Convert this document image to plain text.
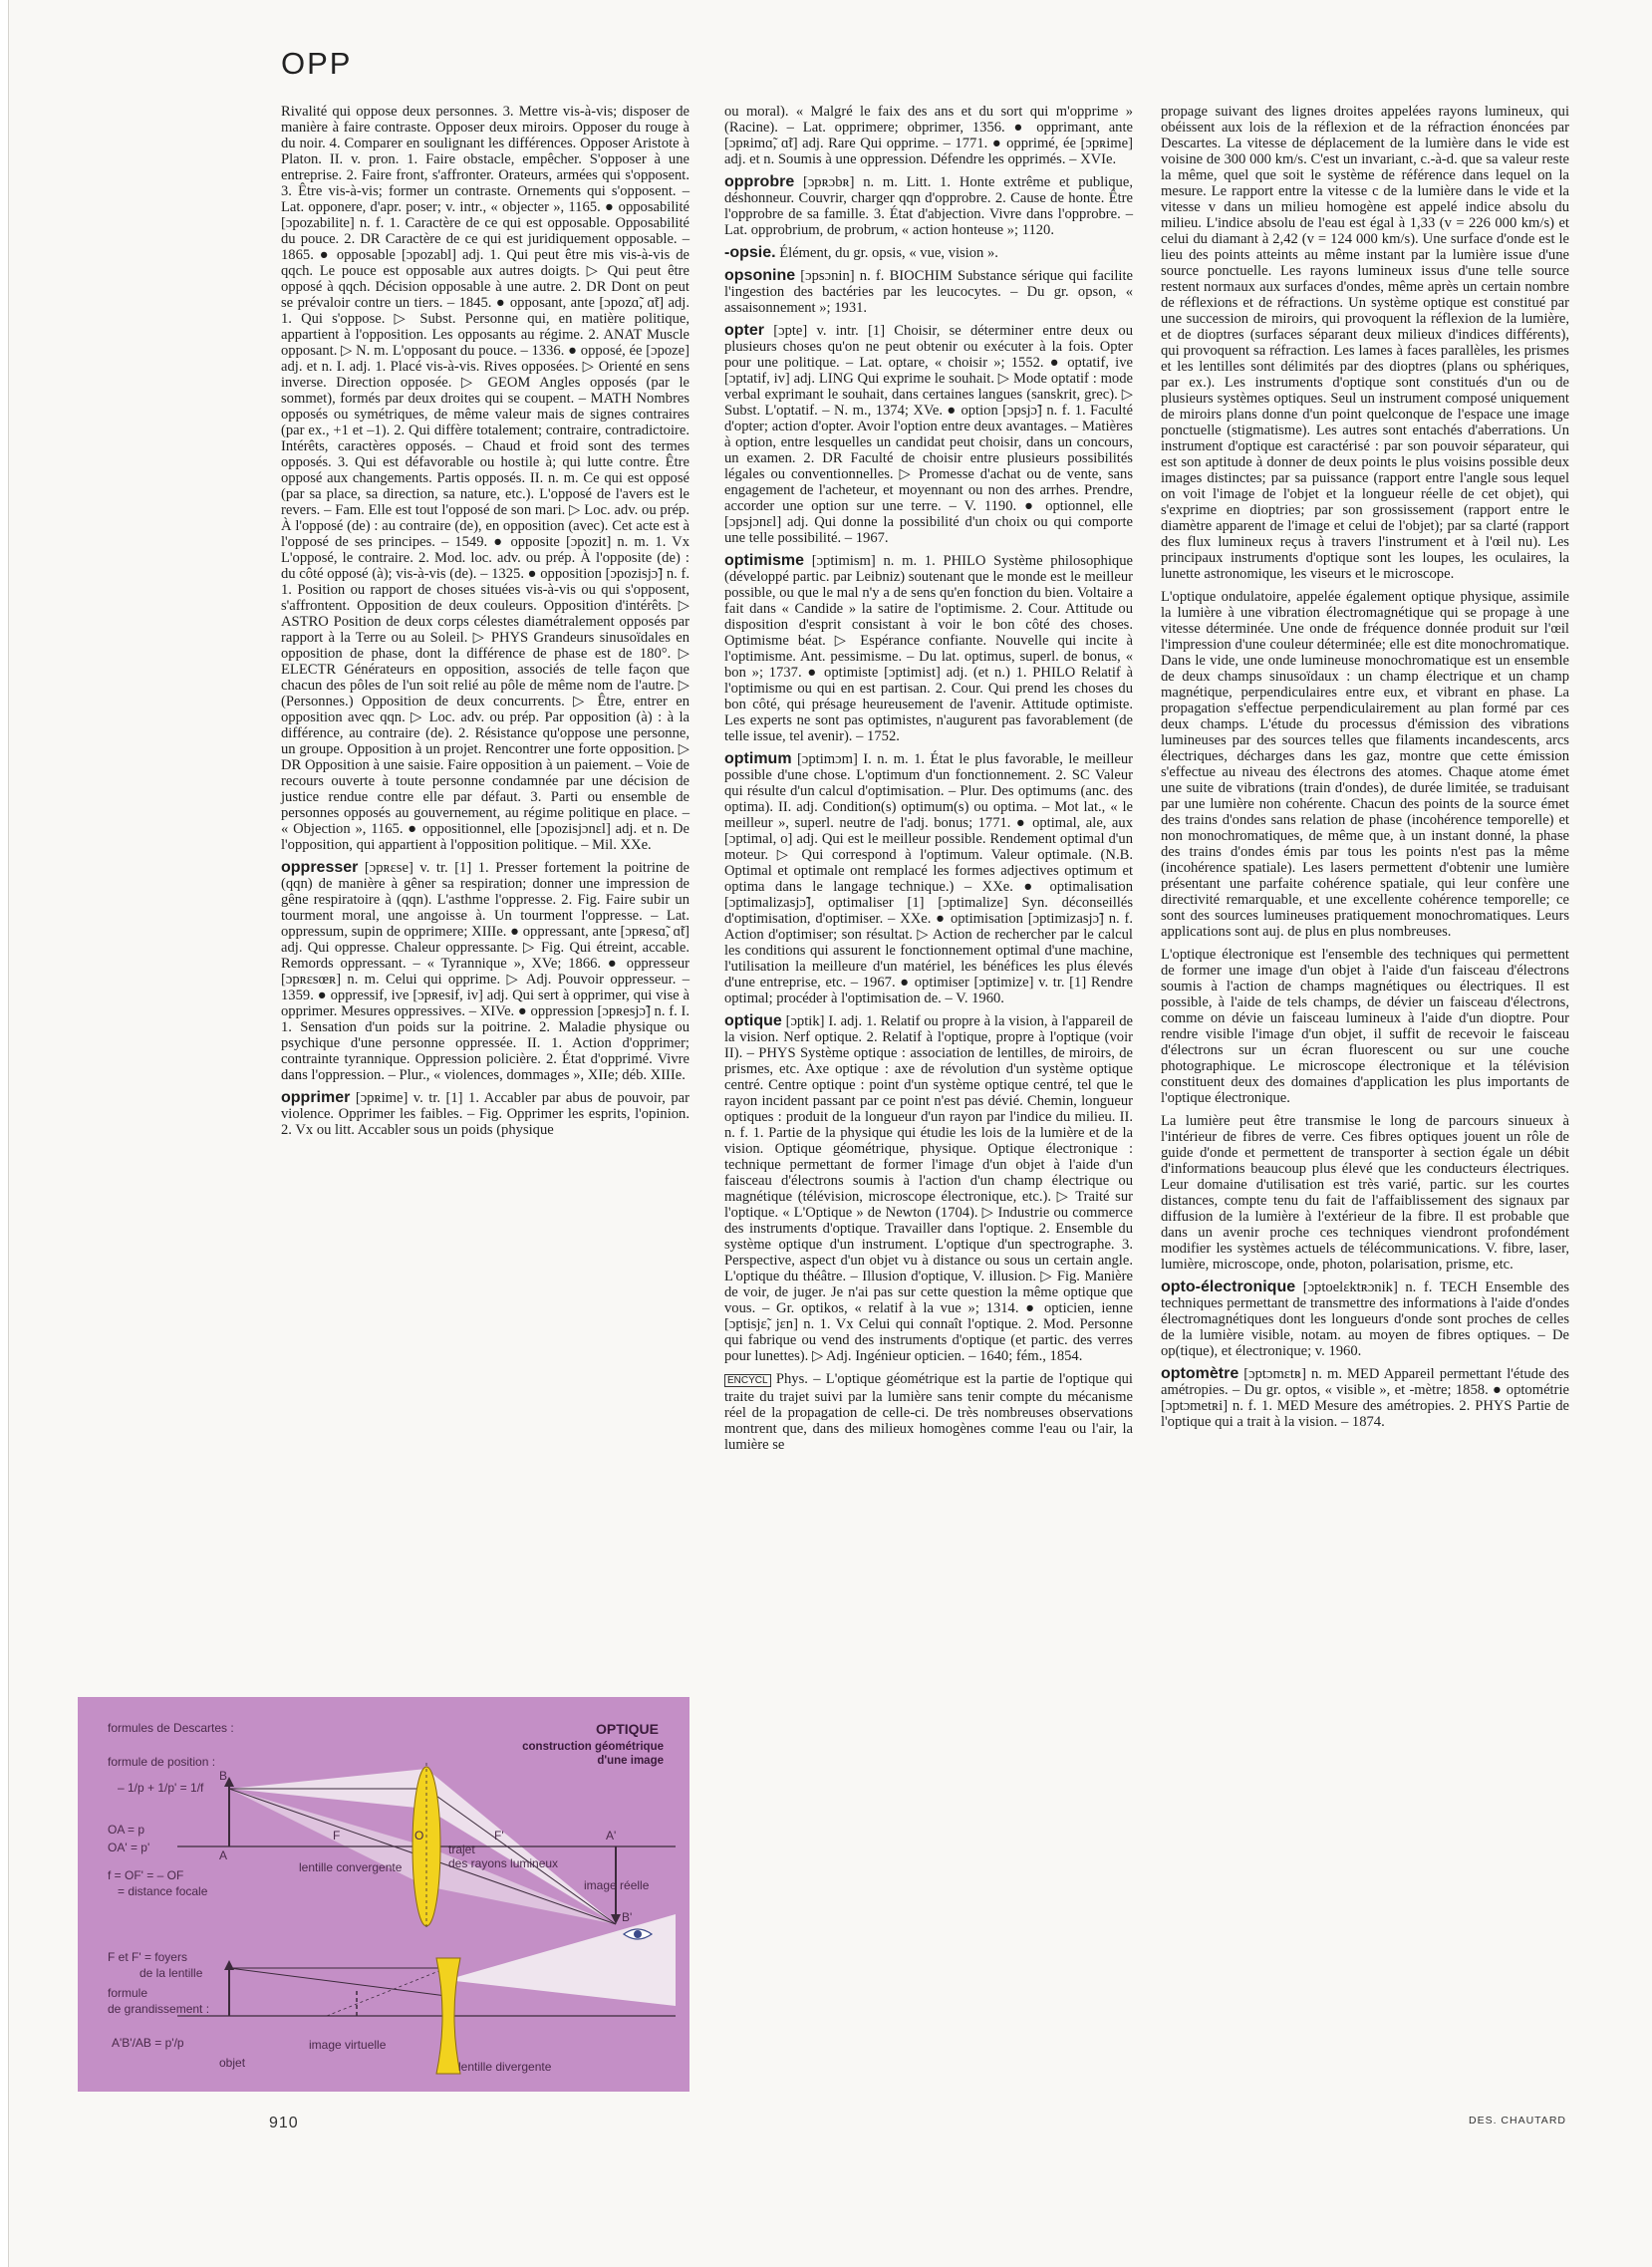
OPP

Rivalité qui oppose deux personnes. 3. Mettre vis-à-vis; disposer de manière à faire contraste. Opposer deux miroirs. Opposer du rouge à du noir. 4. Comparer en soulignant les différences. Opposer Aristote à Platon. II. v. pron. 1. Faire obstacle, empêcher. S'opposer à une entreprise. 2. Faire front, s'affronter. Orateurs, armées qui s'opposent. 3. Être vis-à-vis; former un contraste. Ornements qui s'opposent. – Lat. opponere, d'apr. poser; v. intr., « objecter », 1165. ● opposabilité [ɔpozabilite] n. f. 1. Caractère de ce qui est opposable. Opposabilité du pouce. 2. DR Caractère de ce qui est juridiquement opposable. – 1865. ● opposable [ɔpozabl] adj. 1. Qui peut être mis vis-à-vis de qqch. Le pouce est opposable aux autres doigts. ▷ Qui peut être opposé à qqch. Décision opposable à une autre. 2. DR Dont on peut se prévaloir contre un tiers. – 1845. ● opposant, ante [ɔpozɑ̃, ɑ̃t] adj. 1. Qui s'oppose. ▷ Subst. Personne qui, en matière politique, appartient à l'opposition. Les opposants au régime. 2. ANAT Muscle opposant. ▷ N. m. L'opposant du pouce. – 1336. ● opposé, ée [ɔpoze] adj. et n. I. adj. 1. Placé vis-à-vis. Rives opposées. ▷ Orienté en sens inverse. Direction opposée. ▷ GEOM Angles opposés (par le sommet), formés par deux droites qui se coupent. – MATH Nombres opposés ou symétriques, de même valeur mais de signes contraires (par ex., +1 et –1). 2. Qui diffère totalement; contraire, contradictoire. Intérêts, caractères opposés. – Chaud et froid sont des termes opposés. 3. Qui est défavorable ou hostile à; qui lutte contre. Être opposé aux changements. Partis opposés. II. n. m. Ce qui est opposé (par sa place, sa direction, sa nature, etc.). L'opposé de l'avers est le revers. – Fam. Elle est tout l'opposé de son mari. ▷ Loc. adv. ou prép. À l'opposé (de) : au contraire (de), en opposition (avec). Cet acte est à l'opposé de ses principes. – 1549. ● opposite [ɔpozit] n. m. 1. Vx L'opposé, le contraire. 2. Mod. loc. adv. ou prép. À l'opposite (de) : du côté opposé (à); vis-à-vis (de). – 1325. ● opposition [ɔpozisjɔ̃] n. f. 1. Position ou rapport de choses situées vis-à-vis ou qui s'opposent, s'affrontent. Opposition de deux couleurs. Opposition d'intérêts. ▷ ASTRO Position de deux corps célestes diamétralement opposés par rapport à la Terre ou au Soleil. ▷ PHYS Grandeurs sinusoïdales en opposition de phase, dont la différence de phase est de 180°. ▷ ELECTR Générateurs en opposition, associés de telle façon que chacun des pôles de l'un soit relié au pôle de même nom de l'autre. ▷ (Personnes.) Opposition de deux concurrents. ▷ Être, entrer en opposition avec qqn. ▷ Loc. adv. ou prép. Par opposition (à) : à la différence, au contraire (de). 2. Résistance qu'oppose une personne, un groupe. Opposition à un projet. Rencontrer une forte opposition. ▷ DR Opposition à une saisie. Faire opposition à un paiement. – Voie de recours ouverte à toute personne condamnée par une décision de justice rendue contre elle par défaut. 3. Parti ou ensemble de personnes opposés au gouvernement, au régime politique en place. – « Objection », 1165. ● oppositionnel, elle [ɔpozisjɔnɛl] adj. et n. De l'opposition, qui appartient à l'opposition politique. – Mil. XXe.

oppresser [ɔpʀɛse] v. tr. [1] 1. Presser fortement la poitrine de (qqn) de manière à gêner sa respiration; donner une impression de gêne respiratoire à (qqn). L'asthme l'oppresse. 2. Fig. Faire subir un tourment moral, une angoisse à. Un tourment l'oppresse. – Lat. oppressum, supin de opprimere; XIIIe. ● oppressant, ante [ɔpʀesɑ̃, ɑ̃t] adj. Qui oppresse. Chaleur oppressante. ▷ Fig. Qui étreint, accable. Remords oppressant. – « Tyrannique », XVe; 1866. ● oppresseur [ɔpʀɛsœʀ] n. m. Celui qui opprime. ▷ Adj. Pouvoir oppresseur. – 1359. ● oppressif, ive [ɔpʀesif, iv] adj. Qui sert à opprimer, qui vise à opprimer. Mesures oppressives. – XIVe. ● oppression [ɔpʀesjɔ̃] n. f. I. 1. Sensation d'un poids sur la poitrine. 2. Maladie physique ou psychique d'une personne oppressée. II. 1. Action d'opprimer; contrainte tyrannique. Oppression policière. 2. État d'opprimé. Vivre dans l'oppression. – Plur., « violences, dommages », XIIe; déb. XIIIe.

opprimer [ɔpʀime] v. tr. [1] 1. Accabler par abus de pouvoir, par violence. Opprimer les faibles. – Fig. Opprimer les esprits, l'opinion. 2. Vx ou litt. Accabler sous un poids (physique

ou moral). « Malgré le faix des ans et du sort qui m'opprime » (Racine). – Lat. opprimere; obprimer, 1356. ● opprimant, ante [ɔpʀimɑ̃, ɑ̃t] adj. Rare Qui opprime. – 1771. ● opprimé, ée [ɔpʀime] adj. et n. Soumis à une oppression. Défendre les opprimés. – XVIe.

opprobre [ɔpʀɔbʀ] n. m. Litt. 1. Honte extrême et publique, déshonneur. Couvrir, charger qqn d'opprobre. 2. Cause de honte. Être l'opprobre de sa famille. 3. État d'abjection. Vivre dans l'opprobre. – Lat. opprobrium, de probrum, « action honteuse »; 1120.

-opsie. Élément, du gr. opsis, « vue, vision ».

opsonine [ɔpsɔnin] n. f. BIOCHIM Substance sérique qui facilite l'ingestion des bactéries par les leucocytes. – Du gr. opson, « assaisonnement »; 1931.

opter [ɔpte] v. intr. [1] Choisir, se déterminer entre deux ou plusieurs choses qu'on ne peut obtenir ou exécuter à la fois. Opter pour une politique. – Lat. optare, « choisir »; 1552. ● optatif, ive [ɔptatif, iv] adj. LING Qui exprime le souhait. ▷ Mode optatif : mode verbal exprimant le souhait, dans certaines langues (sanskrit, grec). ▷ Subst. L'optatif. – N. m., 1374; XVe. ● option [ɔpsjɔ̃] n. f. 1. Faculté d'opter; action d'opter. Avoir l'option entre deux avantages. – Matières à option, entre lesquelles un candidat peut choisir, dans un concours, un examen. 2. DR Faculté de choisir entre plusieurs possibilités légales ou conventionnelles. ▷ Promesse d'achat ou de vente, sans engagement de l'acheteur, et moyennant ou non des arrhes. Prendre, accorder une option sur une terre. – V. 1190. ● optionnel, elle [ɔpsjɔnɛl] adj. Qui donne la possibilité d'un choix ou qui comporte une telle possibilité. – 1967.

optimisme [ɔptimism] n. m. 1. PHILO Système philosophique (développé partic. par Leibniz) soutenant que le monde est le meilleur possible, ou que le mal n'y a de sens qu'en fonction du bien. Voltaire a fait dans « Candide » la satire de l'optimisme. 2. Cour. Attitude ou disposition d'esprit consistant à voir le bon côté des choses. Optimisme béat. ▷ Espérance confiante. Nouvelle qui incite à l'optimisme. Ant. pessimisme. – Du lat. optimus, superl. de bonus, « bon »; 1737. ● optimiste [ɔptimist] adj. (et n.) 1. PHILO Relatif à l'optimisme ou qui en est partisan. 2. Cour. Qui prend les choses du bon côté, qui présage heureusement de l'avenir. Attitude optimiste. Les experts ne sont pas optimistes, n'augurent pas favorablement (de telle issue, tel avenir). – 1752.

optimum [ɔptimɔm] I. n. m. 1. État le plus favorable, le meilleur possible d'une chose. L'optimum d'un fonctionnement. 2. SC Valeur qui résulte d'un calcul d'optimisation. – Plur. Des optimums (anc. des optima). II. adj. Condition(s) optimum(s) ou optima. – Mot lat., « le meilleur », superl. neutre de l'adj. bonus; 1771. ● optimal, ale, aux [ɔptimal, o] adj. Qui est le meilleur possible. Rendement optimal d'un moteur. ▷ Qui correspond à l'optimum. Valeur optimale. (N.B. Optimal et optimale ont remplacé les formes adjectives optimum et optima dans le langage technique.) – XXe. ● optimalisation [ɔptimalizasjɔ̃], optimaliser [1] [ɔptimalize] Syn. déconseillés d'optimisation, d'optimiser. – XXe. ● optimisation [ɔptimizasjɔ̃] n. f. Action d'optimiser; son résultat. ▷ Action de rechercher par le calcul les conditions qui assurent le fonctionnement optimal d'une machine, l'utilisation la meilleure d'un matériel, les bénéfices les plus élevés d'une entreprise, etc. – 1967. ● optimiser [ɔptimize] v. tr. [1] Rendre optimal; procéder à l'optimisation de. – V. 1960.

optique [ɔptik] I. adj. 1. Relatif ou propre à la vision, à l'appareil de la vision. Nerf optique. 2. Relatif à l'optique, propre à l'optique (voir II). – PHYS Système optique : association de lentilles, de miroirs, de prismes, etc. Axe optique : axe de révolution d'un système optique centré. Centre optique : point d'un système optique centré, tel que le rayon incident passant par ce point n'est pas dévié. Chemin, longueur optiques : produit de la longueur d'un rayon par l'indice du milieu. II. n. f. 1. Partie de la physique qui étudie les lois de la lumière et de la vision. Optique géométrique, physique. Optique électronique : technique permettant de former l'image d'un objet à l'aide d'un faisceau d'électrons soumis à l'action d'un champ électrique ou magnétique (télévision, microscope électronique, etc.). ▷ Traité sur l'optique. « L'Optique » de Newton (1704). ▷ Industrie ou commerce des instruments d'optique. Travailler dans l'optique. 2. Ensemble du système optique d'un instrument. L'optique d'un spectrographe. 3. Perspective, aspect d'un objet vu à distance ou sous un certain angle. L'optique du théâtre. – Illusion d'optique, V. illusion. ▷ Fig. Manière de voir, de juger. Je n'ai pas sur cette question la même optique que vous. – Gr. optikos, « relatif à la vue »; 1314. ● opticien, ienne [ɔptisjɛ̃, jɛn] n. 1. Vx Celui qui connaît l'optique. 2. Mod. Personne qui fabrique ou vend des instruments d'optique (et partic. des verres pour lunettes). ▷ Adj. Ingénieur opticien. – 1640; fém., 1854.

ENCYCL Phys. – L'optique géométrique est la partie de l'optique qui traite du trajet suivi par la lumière sans tenir compte du mécanisme réel de la propagation de celle-ci. De très nombreuses observations montrent que, dans des milieux homogènes comme l'eau ou l'air, la lumière se

propage suivant des lignes droites appelées rayons lumineux, qui obéissent aux lois de la réflexion et de la réfraction énoncées par Descartes. La vitesse de déplacement de la lumière dans le vide est voisine de 300 000 km/s. C'est un invariant, c.-à-d. que sa valeur reste la même, quel que soit le système de référence dans lequel on la mesure. Le rapport entre la vitesse c de la lumière dans le vide et la vitesse v dans un milieu homogène est appelé indice absolu du milieu. L'indice absolu de l'eau est égal à 1,33 (v = 226 000 km/s) et celui du diamant à 2,42 (v = 124 000 km/s). Une surface d'onde est le lieu des points atteints au même instant par la lumière issue d'une source ponctuelle. Les rayons lumineux issus d'une telle source restent normaux aux surfaces d'ondes, même après un certain nombre de réflexions et de réfractions. Un système optique est constitué par une succession de miroirs, qui provoquent la réflexion de la lumière, et de dioptres (surfaces séparant deux milieux d'indices différents), qui provoquent sa réfraction. Les lames à faces parallèles, les prismes et les lentilles sont délimités par des dioptres (plans ou sphériques, par ex.). Les instruments d'optique sont constitués d'un ou de plusieurs systèmes optiques. Seul un instrument composé uniquement de miroirs plans donne d'un point quelconque de l'espace une image ponctuelle (stigmatisme). Les autres sont entachés d'aberrations. Un instrument d'optique est caractérisé : par son pouvoir séparateur, qui est son aptitude à donner de deux points le plus voisins possible deux images distinctes; par sa puissance (rapport entre l'angle sous lequel on voit l'image de l'objet et la longueur réelle de cet objet), qui s'exprime en dioptries; par son grossissement (rapport entre le diamètre apparent de l'image et celui de l'objet); par sa clarté (rapport des flux lumineux reçus à travers l'instrument et à l'œil nu). Les principaux instruments d'optique sont les loupes, les oculaires, la lunette astronomique, les viseurs et le microscope.

L'optique ondulatoire, appelée également optique physique, assimile la lumière à une vibration électromagnétique qui se propage à une vitesse déterminée. Une onde de fréquence donnée produit sur l'œil l'impression d'une couleur déterminée; elle est dite monochromatique. Dans le vide, une onde lumineuse monochromatique est un ensemble de deux champs sinusoïdaux : un champ électrique et un champ magnétique, perpendiculaires entre eux, et vibrant en phase. La propagation s'effectue perpendiculairement au plan formé par ces deux champs. L'étude du processus d'émission des vibrations lumineuses par des sources telles que filaments incandescents, arcs électriques, décharges dans les gaz, montre que cette émission s'effectue au niveau des électrons des atomes. Chaque atome émet une suite de vibrations (train d'ondes), de durée limitée, se traduisant par une lumière non cohérente. Chacun des points de la source émet des trains d'ondes sans relation de phase (incohérence temporelle) et non monochromatiques, de même que, à un instant donné, la phase des trains d'ondes émis par tous les points n'est pas la même (incohérence spatiale). Les lasers permettent d'obtenir une lumière présentant une parfaite cohérence spatiale, qui leur confère une directivité remarquable, et une excellente cohérence temporelle; ce sont des sources lumineuses pratiquement monochromatiques. Leurs applications sont auj. de plus en plus nombreuses.

L'optique électronique est l'ensemble des techniques qui permettent de former une image d'un objet à l'aide d'un faisceau d'électrons soumis à l'action de champs magnétiques ou électriques. Il est possible, à l'aide de tels champs, de dévier un faisceau d'électrons, comme on dévie un faisceau lumineux à l'aide d'un dioptre. Pour rendre visible l'image d'un objet, il suffit de recevoir le faisceau d'électrons sur un écran fluorescent ou sur une couche photographique. Le microscope électronique et la télévision constituent deux des domaines d'application les plus importants de l'optique électronique.

La lumière peut être transmise le long de parcours sinueux à l'intérieur de fibres de verre. Ces fibres optiques jouent un rôle de guide d'onde et permettent de transporter à section égale un débit d'informations beaucoup plus élevé que les conducteurs électriques. Leur domaine d'utilisation est très varié, partic. sur les courtes distances, compte tenu du fait de l'affaiblissement des signaux par diffusion de la lumière à l'extérieur de la fibre. Il est probable que dans un avenir proche ces techniques viendront profondément modifier les systèmes actuels de télécommunications. V. fibre, laser, lumière, microscope, onde, photon, polarisation, prisme, etc.

opto-électronique [ɔptoelɛktʀɔnik] n. f. TECH Ensemble des techniques permettant de transmettre des informations à l'aide d'ondes électromagnétiques dont les longueurs d'onde sont proches de celles de la lumière visible, notam. au moyen de fibres optiques. – De op(tique), et électronique; v. 1960.

optomètre [ɔptɔmɛtʀ] n. m. MED Appareil permettant l'étude des amétropies. – Du gr. optos, « visible », et -mètre; 1858. ● optométrie [ɔptɔmetʀi] n. f. 1. MED Mesure des amétropies. 2. PHYS Partie de l'optique qui a trait à la vision. – 1874.

OPTIQUE
construction géométrique
d'une image
formules de Descartes :
formule de position :
– 1/p + 1/p' = 1/f
OA = p
OA' = p'
f = OF' = – OF
= distance focale
F et F' = foyers
de la lentille
formule
de grandissement :
A'B'/AB = p'/p
lentille convergente
trajet
des rayons lumineux
image réelle
objet
image virtuelle
lentille divergente
B
A
F	O	F'	A'
B'
910	DES. CHAUTARD
